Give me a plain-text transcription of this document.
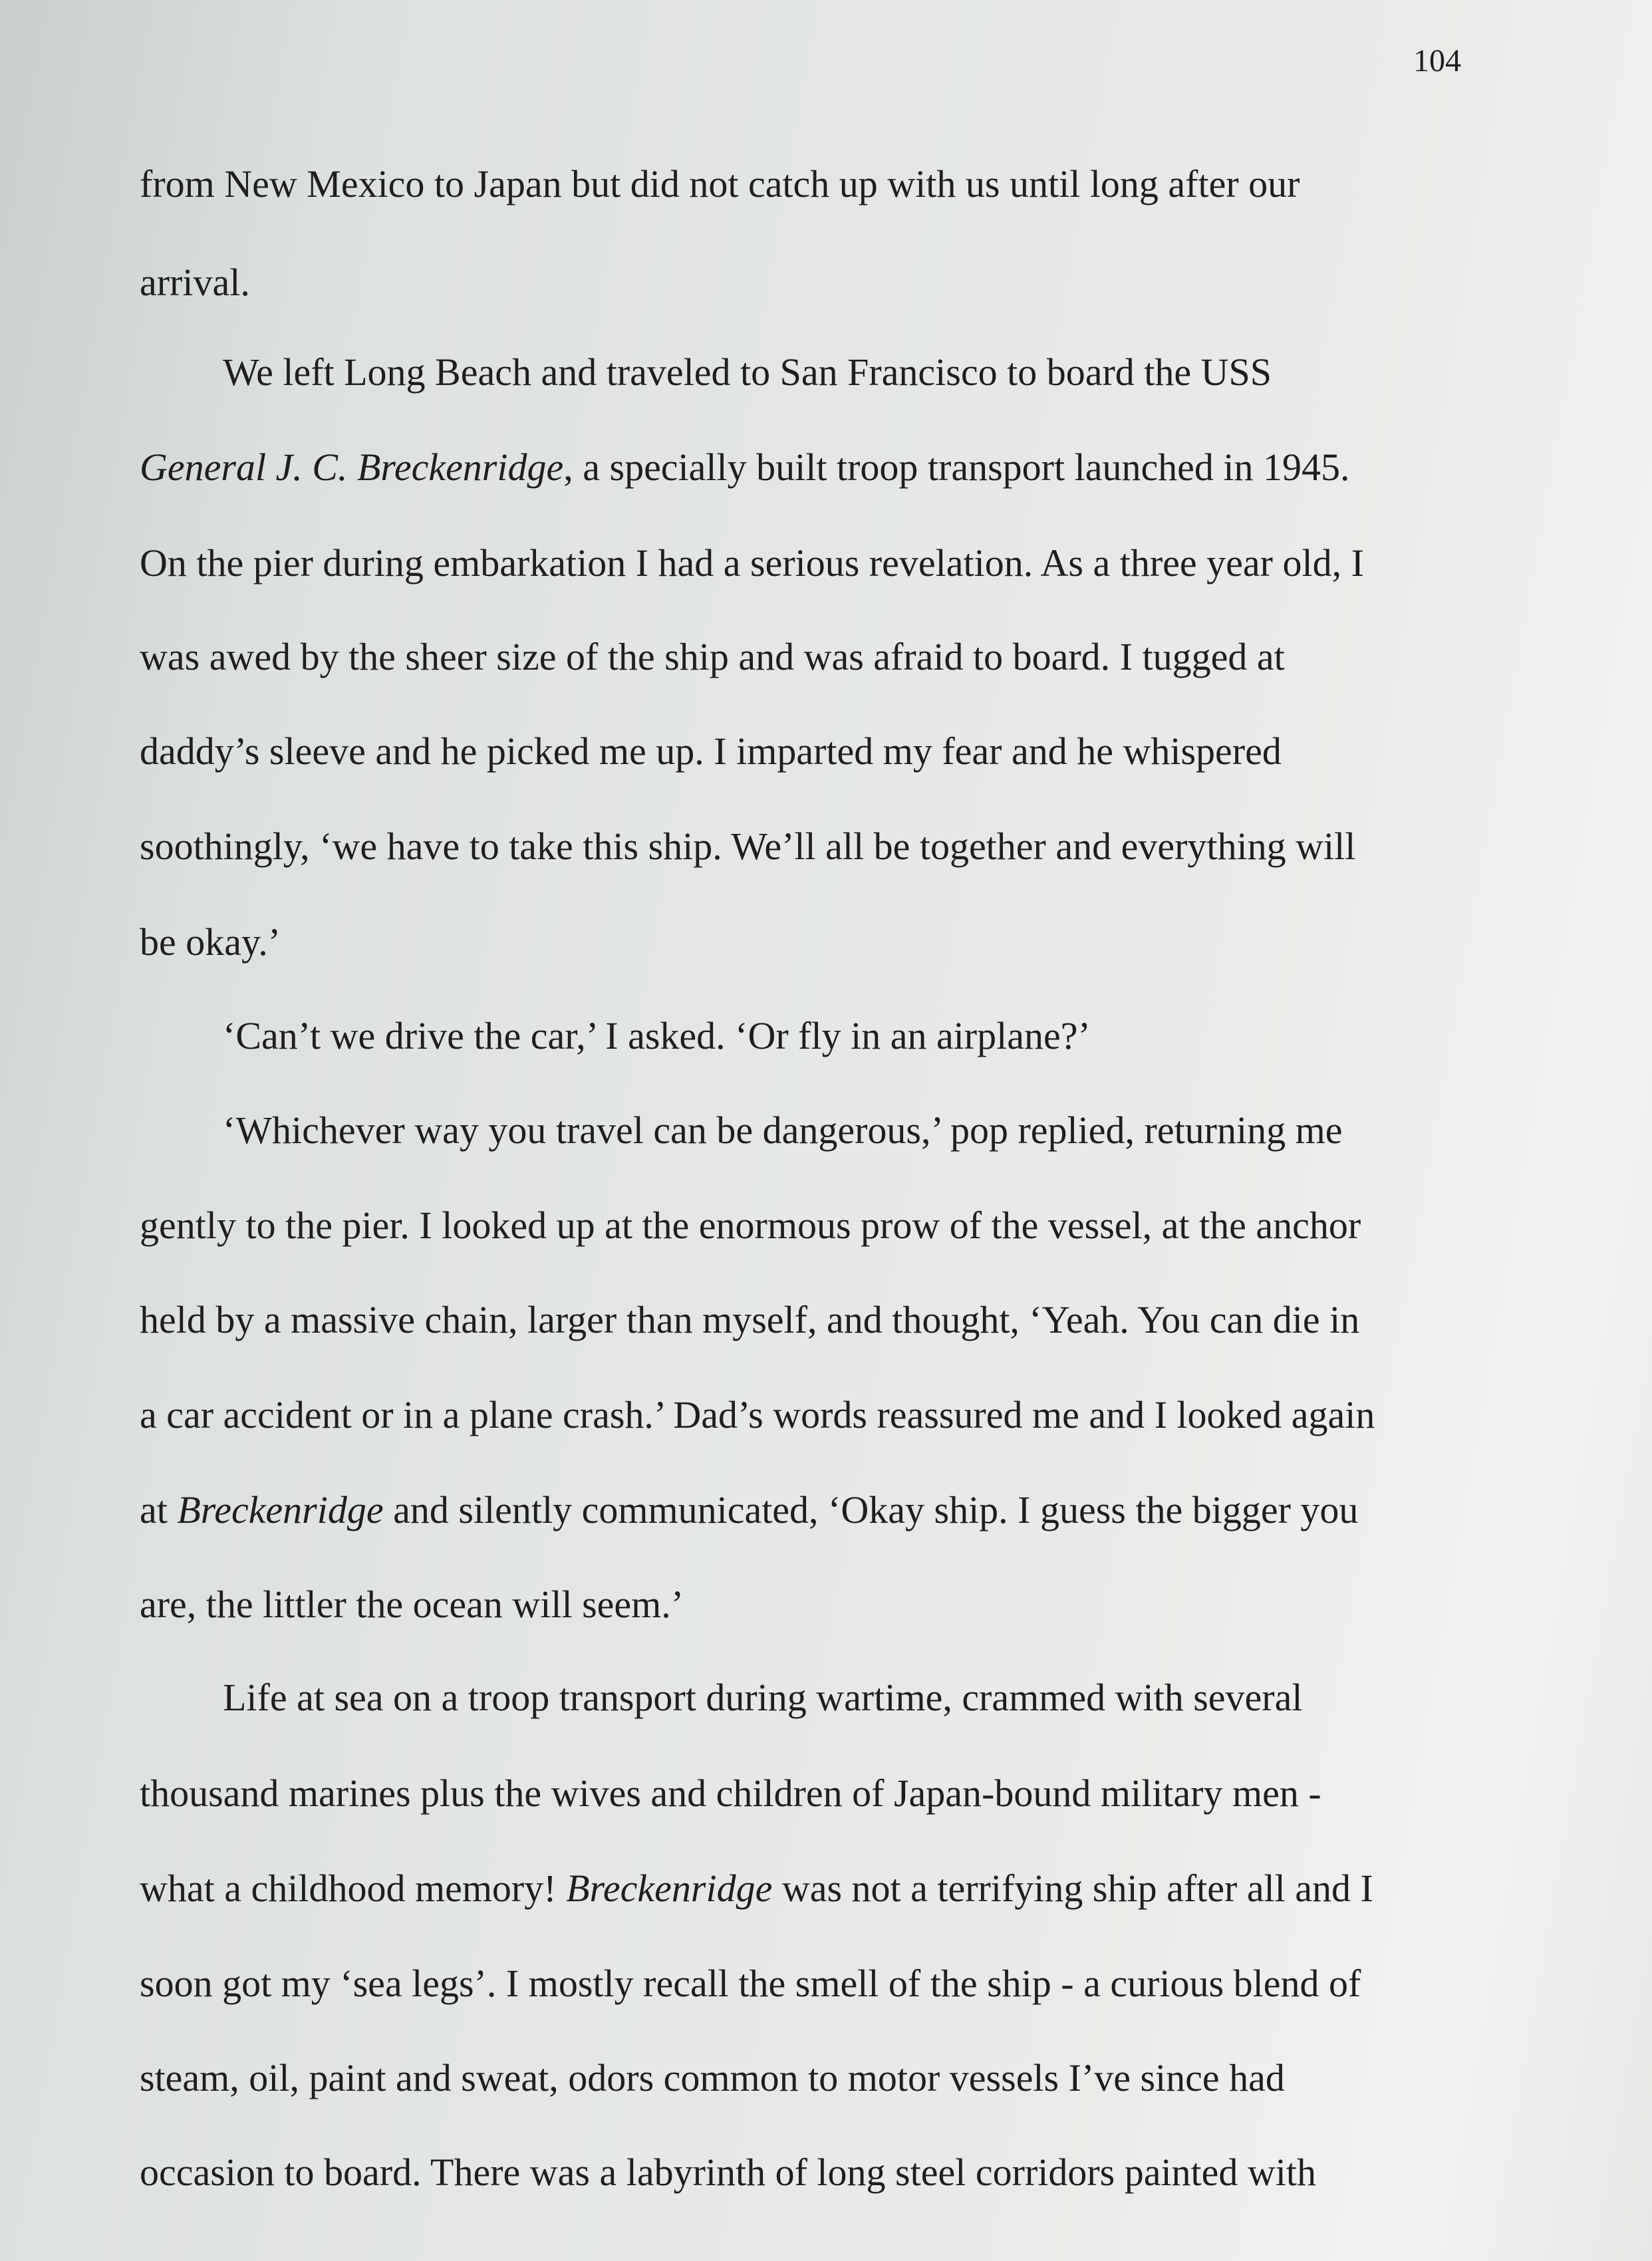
104
from New Mexico to Japan but did not catch up with us until long after our
arrival.
We left Long Beach and traveled to San Francisco to board the USS
General J. C. Breckenridge, a specially built troop transport launched in 1945.
On the pier during embarkation I had a serious revelation. As a three year old, I
was awed by the sheer size of the ship and was afraid to board. I tugged at
daddy’s sleeve and he picked me up. I imparted my fear and he whispered
soothingly, ‘we have to take this ship. We’ll all be together and everything will
be okay.’
‘Can’t we drive the car,’ I asked. ‘Or fly in an airplane?’
‘Whichever way you travel can be dangerous,’ pop replied, returning me
gently to the pier. I looked up at the enormous prow of the vessel, at the anchor
held by a massive chain, larger than myself, and thought, ‘Yeah. You can die in
a car accident or in a plane crash.’ Dad’s words reassured me and I looked again
at Breckenridge and silently communicated, ‘Okay ship. I guess the bigger you
are, the littler the ocean will seem.’
Life at sea on a troop transport during wartime, crammed with several
thousand marines plus the wives and children of Japan-bound military men -
what a childhood memory! Breckenridge was not a terrifying ship after all and I
soon got my ‘sea legs’. I mostly recall the smell of the ship - a curious blend of
steam, oil, paint and sweat, odors common to motor vessels I’ve since had
occasion to board. There was a labyrinth of long steel corridors painted with
